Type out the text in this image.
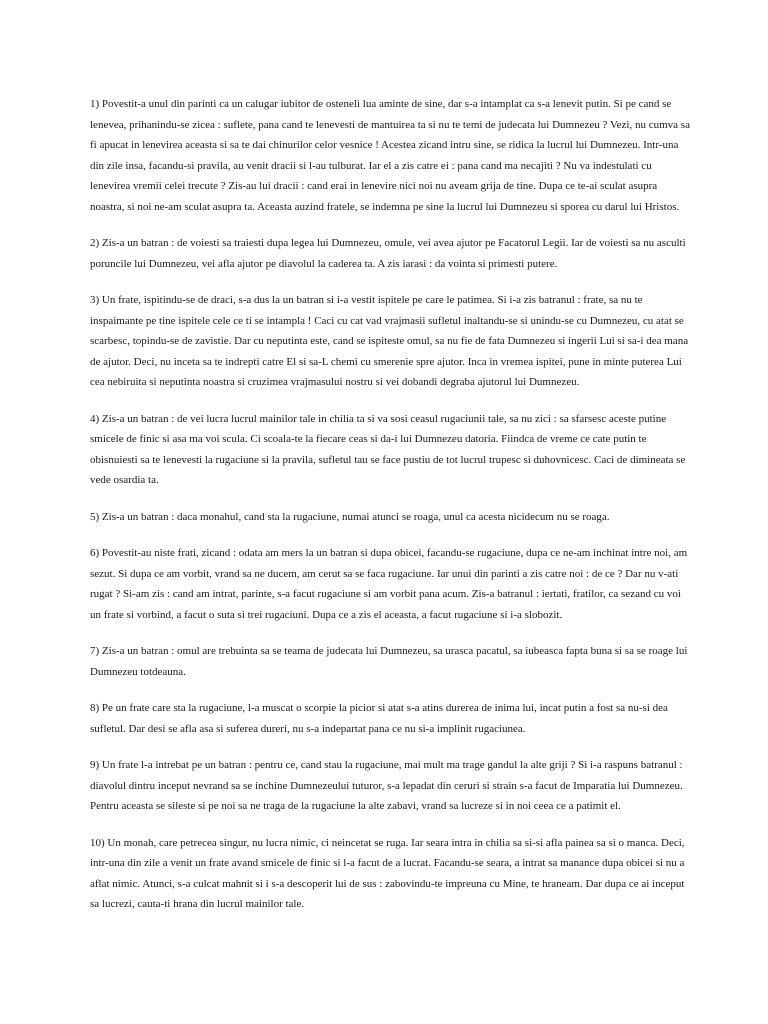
1) Povestit-a unul din parinti ca un calugar iubitor de ostenelì lua aminte de sine, dar s-a intamplat ca s-a lenevit putin. Si pe cand se lenevea, prihanindu-se zicea : suflete, pana cand te lenevesti de mantuirea ta si nu te temi de judecata lui Dumnezeu ? Vezi, nu cumva sa fi apucat in lenevirea aceasta si sa te dai chinurilor celor vesnice ! Acestea zicand intru sine, se ridica la lucrul lui Dumnezeu. Intr-una din zile insa, facandu-si pravila, au venit dracii si l-au tulburat. Iar el a zis catre ei : pana cand ma necajiti ? Nu va indestulati cu lenevirea vremii celei trecute ? Zis-au lui dracii : cand erai in lenevire nici noi nu aveam grija de tine. Dupa ce te-ai sculat asupra noastra, si noi ne-am sculat asupra ta. Aceasta auzind fratele, se indemna pe sine la lucrul lui Dumnezeu si sporea cu darul lui Hristos.

2) Zis-a un batran : de voiesti sa traiesti dupa legea lui Dumnezeu, omule, vei avea ajutor pe Facatorul Legii. Iar de voiesti sa nu asculti poruncile lui Dumnezeu, vei afla ajutor pe diavolul la caderea ta. A zis iarasi : da vointa si primesti putere.

3) Un frate, ispitindu-se de draci, s-a dus la un batran si i-a vestit ispitele pe care le patimea. Si i-a zis batranul : frate, sa nu te inspaimante pe tine ispitele cele ce ti se intampla ! Caci cu cat vad vrajmasii sufletul inaltandu-se si unindu-se cu Dumnezeu, cu atat se scarbesc, topindu-se de zavistie. Dar cu neputinta este, cand se ispiteste omul, sa nu fie de fata Dumnezeu si ingerii Lui si sa-i dea mana de ajutor. Deci, nu inceta sa te indrepti catre El si sa-L chemi cu smerenie spre ajutor. Inca in vremea ispitei, pune in minte puterea Lui cea nebiruita si neputinta noastra si cruzimea vrajmasului nostru si vei dobandi degraba ajutorul lui Dumnezeu.

4) Zis-a un batran : de vei lucra lucrul mainilor tale in chilia ta si va sosi ceasul rugaciunii tale, sa nu zici : sa sfarsesc aceste putine smicele de finic si asa ma voi scula. Ci scoala-te la fiecare ceas si da-i lui Dumnezeu datoria. Fiindca de vreme ce cate putin te obisnuiesti sa te lenevesti la rugaciune si la pravila, sufletul tau se face pustiu de tot lucrul trupesc si duhovnicesc. Caci de dimineata se vede osardia ta.

5) Zis-a un batran : daca monahul, cand sta la rugaciune, numai atunci se roaga, unul ca acesta nicidecum nu se roaga.

6) Povestit-au niste frati, zicand : odata am mers la un batran si dupa obicei, facandu-se rugaciune, dupa ce ne-am inchinat intre noi, am sezut. Si dupa ce am vorbit, vrand sa ne ducem, am cerut sa se faca rugaciune. Iar unui din parinti a zis catre noi : de ce ? Dar nu v-ati rugat ? Si-am zis : cand am intrat, parinte, s-a facut rugaciune si am vorbit pana acum. Zis-a batranul : iertati, fratilor, ca sezand cu voi un frate si vorbind, a facut o suta si trei rugaciuni. Dupa ce a zis el aceasta, a facut rugaciune si i-a slobozit.

7) Zis-a un batran : omul are trebuinta sa se teama de judecata lui Dumnezeu, sa urasca pacatul, sa iubeasca fapta buna si sa se roage lui Dumnezeu totdeauna.

8) Pe un frate care sta la rugaciune, l-a muscat o scorpie la picior si atat s-a atins durerea de inima lui, incat putin a fost sa nu-si dea sufletul. Dar desi se afla asa si suferea dureri, nu s-a indepartat pana ce nu si-a implinit rugaciunea.

9) Un frate l-a intrebat pe un batran : pentru ce, cand stau la rugaciune, mai mult ma trage gandul la alte griji ? Si i-a raspuns batranul : diavolul dintru inceput nevrand sa se inchine Dumnezeului tuturor, s-a lepadat din ceruri si strain s-a facut de Imparatia lui Dumnezeu. Pentru aceasta se sileste si pe noi sa ne traga de la rugaciune la alte zabavi, vrand sa lucreze si in noi ceea ce a patimit el.

10) Un monah, care petrecea singur, nu lucra nimic, ci neincetat se ruga. Iar seara intra in chilia sa si-si afla painea sa si o manca. Deci, intr-una din zile a venit un frate avand smicele de finic si l-a facut de a lucrat. Facandu-se seara, a intrat sa manance dupa obicei si nu a aflat nimic. Atunci, s-a culcat mahnit si i s-a descoperit lui de sus : zabovindu-te impreuna cu Mine, te hraneam. Dar dupa ce ai inceput sa lucrezi, cauta-ti hrana din lucrul mainilor tale.
